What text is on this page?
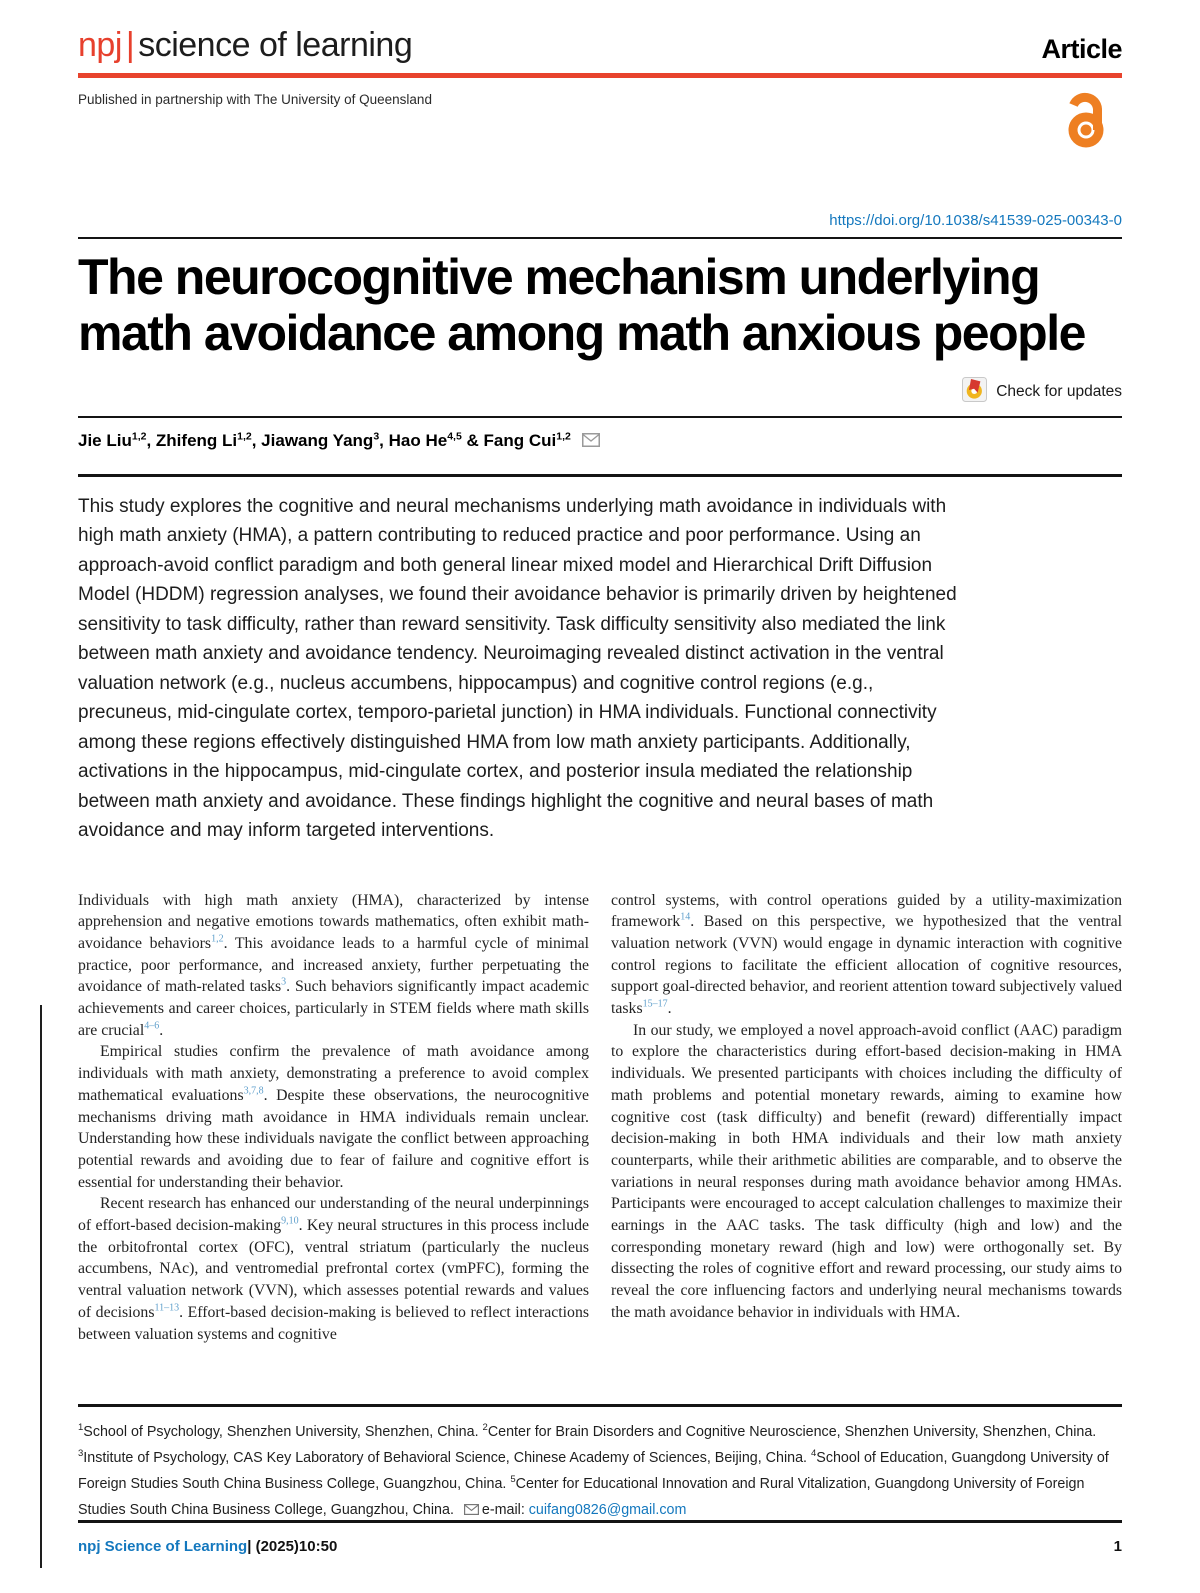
npj | science of learning	Article
Published in partnership with The University of Queensland
https://doi.org/10.1038/s41539-025-00343-0
The neurocognitive mechanism underlying math avoidance among math anxious people
Check for updates
Jie Liu$^{1,2}$, Zhifeng Li$^{1,2}$, Jiawang Yang$^3$, Hao He$^{4,5}$ & Fang Cui$^{1,2}$

This study explores the cognitive and neural mechanisms underlying math avoidance in individuals with high math anxiety (HMA), a pattern contributing to reduced practice and poor performance. Using an approach-avoid conflict paradigm and both general linear mixed model and Hierarchical Drift Diffusion Model (HDDM) regression analyses, we found their avoidance behavior is primarily driven by heightened sensitivity to task difficulty, rather than reward sensitivity. Task difficulty sensitivity also mediated the link between math anxiety and avoidance tendency. Neuroimaging revealed distinct activation in the ventral valuation network (e.g., nucleus accumbens, hippocampus) and cognitive control regions (e.g., precuneus, mid-cingulate cortex, temporo-parietal junction) in HMA individuals. Functional connectivity among these regions effectively distinguished HMA from low math anxiety participants. Additionally, activations in the hippocampus, mid-cingulate cortex, and posterior insula mediated the relationship between math anxiety and avoidance. These findings highlight the cognitive and neural bases of math avoidance and may inform targeted interventions.

Individuals with high math anxiety (HMA), characterized by intense apprehension and negative emotions towards mathematics, often exhibit math-avoidance behaviors$^{1,2}$. This avoidance leads to a harmful cycle of minimal practice, poor performance, and increased anxiety, further perpetuating the avoidance of math-related tasks$^3$. Such behaviors significantly impact academic achievements and career choices, particularly in STEM fields where math skills are crucial$^{4-6}$.

Empirical studies confirm the prevalence of math avoidance among individuals with math anxiety, demonstrating a preference to avoid complex mathematical evaluations$^{3,7,8}$. Despite these observations, the neurocognitive mechanisms driving math avoidance in HMA individuals remain unclear. Understanding how these individuals navigate the conflict between approaching potential rewards and avoiding due to fear of failure and cognitive effort is essential for understanding their behavior.

Recent research has enhanced our understanding of the neural underpinnings of effort-based decision-making$^{9,10}$. Key neural structures in this process include the orbitofrontal cortex (OFC), ventral striatum (particularly the nucleus accumbens, NAc), and ventromedial prefrontal cortex (vmPFC), forming the ventral valuation network (VVN), which assesses potential rewards and values of decisions$^{11-13}$. Effort-based decision-making is believed to reflect interactions between valuation systems and cognitive

control systems, with control operations guided by a utility-maximization framework$^{14}$. Based on this perspective, we hypothesized that the ventral valuation network (VVN) would engage in dynamic interaction with cognitive control regions to facilitate the efficient allocation of cognitive resources, support goal-directed behavior, and reorient attention toward subjectively valued tasks$^{15-17}$.

In our study, we employed a novel approach-avoid conflict (AAC) paradigm to explore the characteristics during effort-based decision-making in HMA individuals. We presented participants with choices including the difficulty of math problems and potential monetary rewards, aiming to examine how cognitive cost (task difficulty) and benefit (reward) differentially impact decision-making in both HMA individuals and their low math anxiety counterparts, while their arithmetic abilities are comparable, and to observe the variations in neural responses during math avoidance behavior among HMAs. Participants were encouraged to accept calculation challenges to maximize their earnings in the AAC tasks. The task difficulty (high and low) and the corresponding monetary reward (high and low) were orthogonally set. By dissecting the roles of cognitive effort and reward processing, our study aims to reveal the core influencing factors and underlying neural mechanisms towards the math avoidance behavior in individuals with HMA.

$^1$School of Psychology, Shenzhen University, Shenzhen, China. $^2$Center for Brain Disorders and Cognitive Neuroscience, Shenzhen University, Shenzhen, China. $^3$Institute of Psychology, CAS Key Laboratory of Behavioral Science, Chinese Academy of Sciences, Beijing, China. $^4$School of Education, Guangdong University of Foreign Studies South China Business College, Guangzhou, China. $^5$Center for Educational Innovation and Rural Vitalization, Guangdong University of Foreign Studies South China Business College, Guangzhou, China. e-mail: cuifang0826@gmail.com

npj Science of Learning| (2025)10:50	1
